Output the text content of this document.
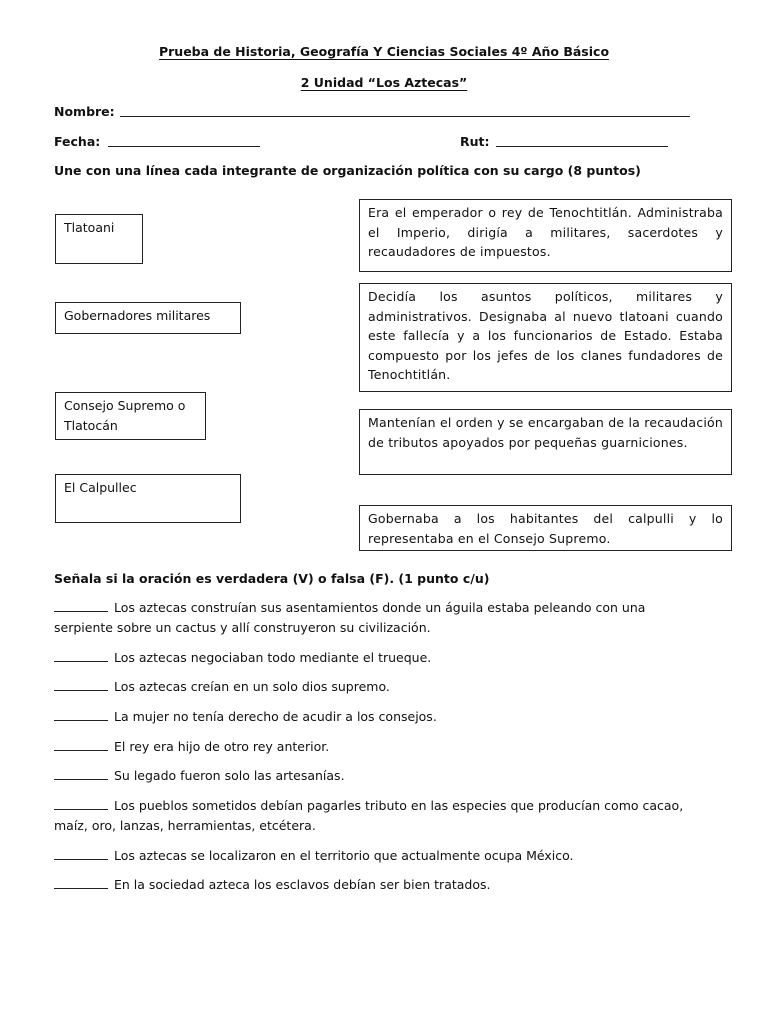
Prueba de Historia, Geografía Y Ciencias Sociales 4º Año Básico
2 Unidad “Los Aztecas”
Nombre:
Fecha:	Rut:
Une con una línea cada integrante de organización política con su cargo (8 puntos)
Tlatoani
Gobernadores militares
Consejo Supremo o Tlatocán
El Calpullec
Era el emperador o rey de Tenochtitlán. Administraba el Imperio, dirigía a militares, sacerdotes y recaudadores de impuestos.
Decidía los asuntos políticos, militares y administrativos. Designaba al nuevo tlatoani cuando este fallecía y a los funcionarios de Estado. Estaba compuesto por los jefes de los clanes fundadores de Tenochtitlán.
Mantenían el orden y se encargaban de la recaudación de tributos apoyados por pequeñas guarniciones.
Gobernaba a los habitantes del calpulli y lo representaba en el Consejo Supremo.
Señala si la oración es verdadera (V) o falsa (F). (1 punto c/u)
Los aztecas construían sus asentamientos donde un águila estaba peleando con una serpiente sobre un cactus y allí construyeron su civilización.
Los aztecas negociaban todo mediante el trueque.
Los aztecas creían en un solo dios supremo.
La mujer no tenía derecho de acudir a los consejos.
El rey era hijo de otro rey anterior.
Su legado fueron solo las artesanías.
Los pueblos sometidos debían pagarles tributo en las especies que producían como cacao, maíz, oro, lanzas, herramientas, etcétera.
Los aztecas se localizaron en el territorio que actualmente ocupa México.
En la sociedad azteca los esclavos debían ser bien tratados.
